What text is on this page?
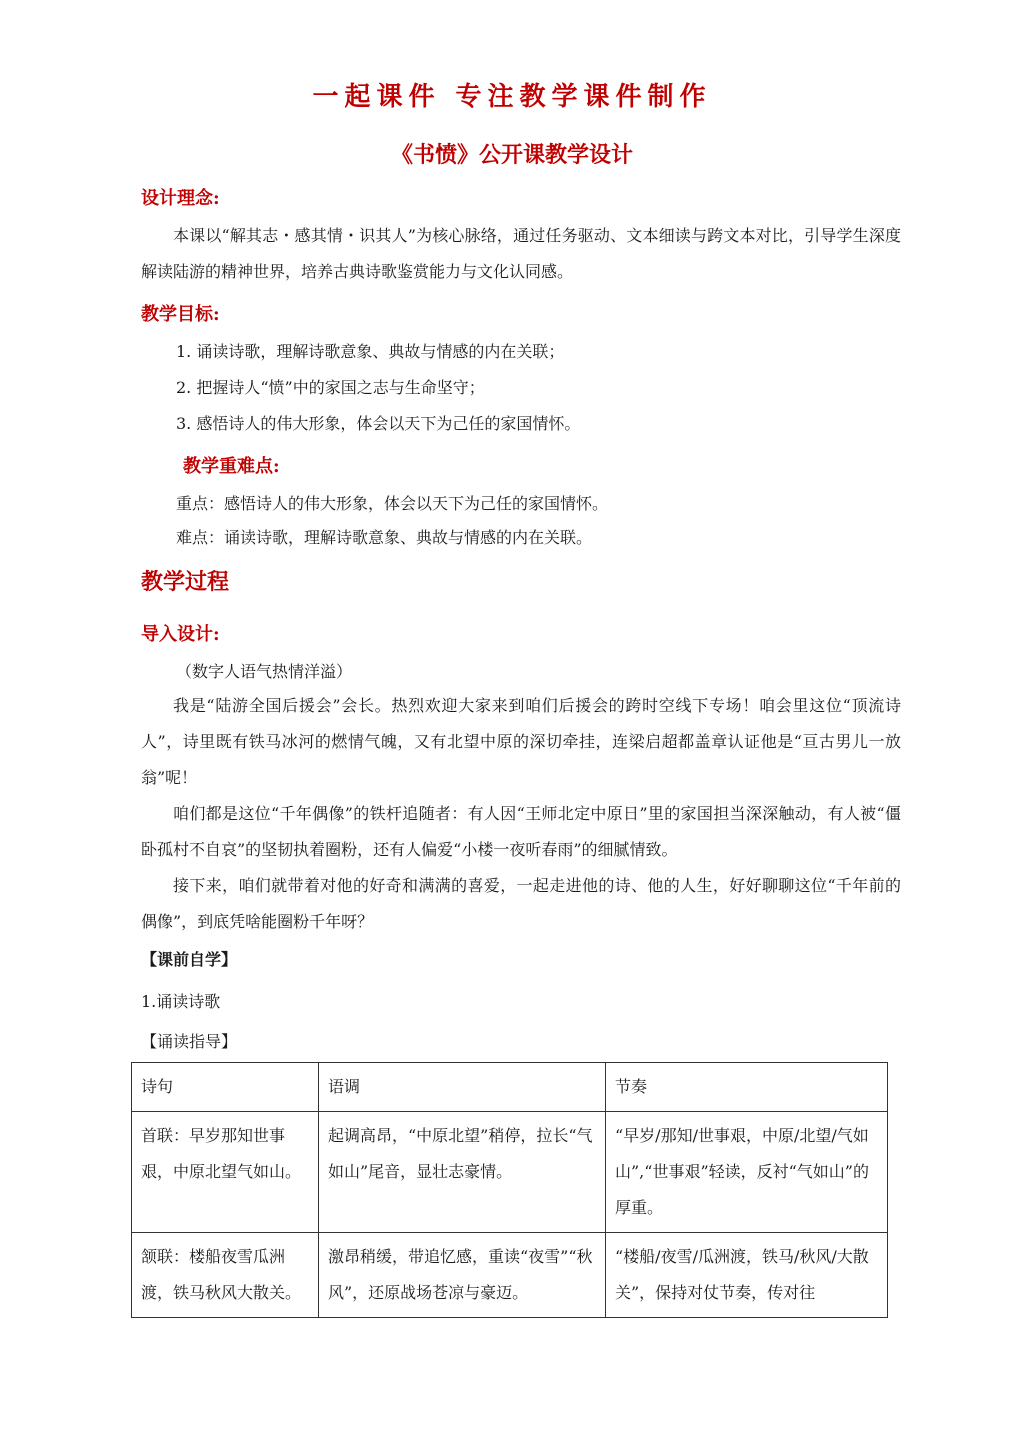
一起课件 专注教学课件制作
《书愤》公开课教学设计
设计理念:
本课以“解其志・感其情・识其人”为核心脉络，通过任务驱动、文本细读与跨文本对比，引导学生深度解读陆游的精神世界，培养古典诗歌鉴赏能力与文化认同感。
教学目标:
1. 诵读诗歌，理解诗歌意象、典故与情感的内在关联；
2. 把握诗人“愤”中的家国之志与生命坚守；
3. 感悟诗人的伟大形象，体会以天下为己任的家国情怀。
教学重难点:
重点：感悟诗人的伟大形象，体会以天下为己任的家国情怀。
难点：诵读诗歌，理解诗歌意象、典故与情感的内在关联。
教学过程
导入设计:
（数字人语气热情洋溢）
我是“陆游全国后援会”会长。热烈欢迎大家来到咱们后援会的跨时空线下专场！咱会里这位“顶流诗人”，诗里既有铁马冰河的燃情气魄，又有北望中原的深切牵挂，连梁启超都盖章认证他是“亘古男儿一放翁”呢！
咱们都是这位“千年偶像”的铁杆追随者：有人因“王师北定中原日”里的家国担当深深触动，有人被“僵卧孤村不自哀”的坚韧执着圈粉，还有人偏爱“小楼一夜听春雨”的细腻情致。
接下来，咱们就带着对他的好奇和满满的喜爱，一起走进他的诗、他的人生，好好聊聊这位“千年前的偶像”，到底凭啥能圈粉千年呀？
【课前自学】
1.诵读诗歌
【诵读指导】
诗句	语调	节奏
首联：早岁那知世事艰，中原北望气如山。	起调高昂，“中原北望”稍停，拉长“气如山”尾音，显壮志豪情。	“早岁/那知/世事艰，中原/北望/气如山”,“世事艰”轻读，反衬“气如山”的厚重。
颔联：楼船夜雪瓜洲渡，铁马秋风大散关。	激昂稍缓，带追忆感，重读“夜雪”“秋风”，还原战场苍凉与豪迈。	“楼船/夜雪/瓜洲渡，铁马/秋风/大散关”，保持对仗节奏，传对往
